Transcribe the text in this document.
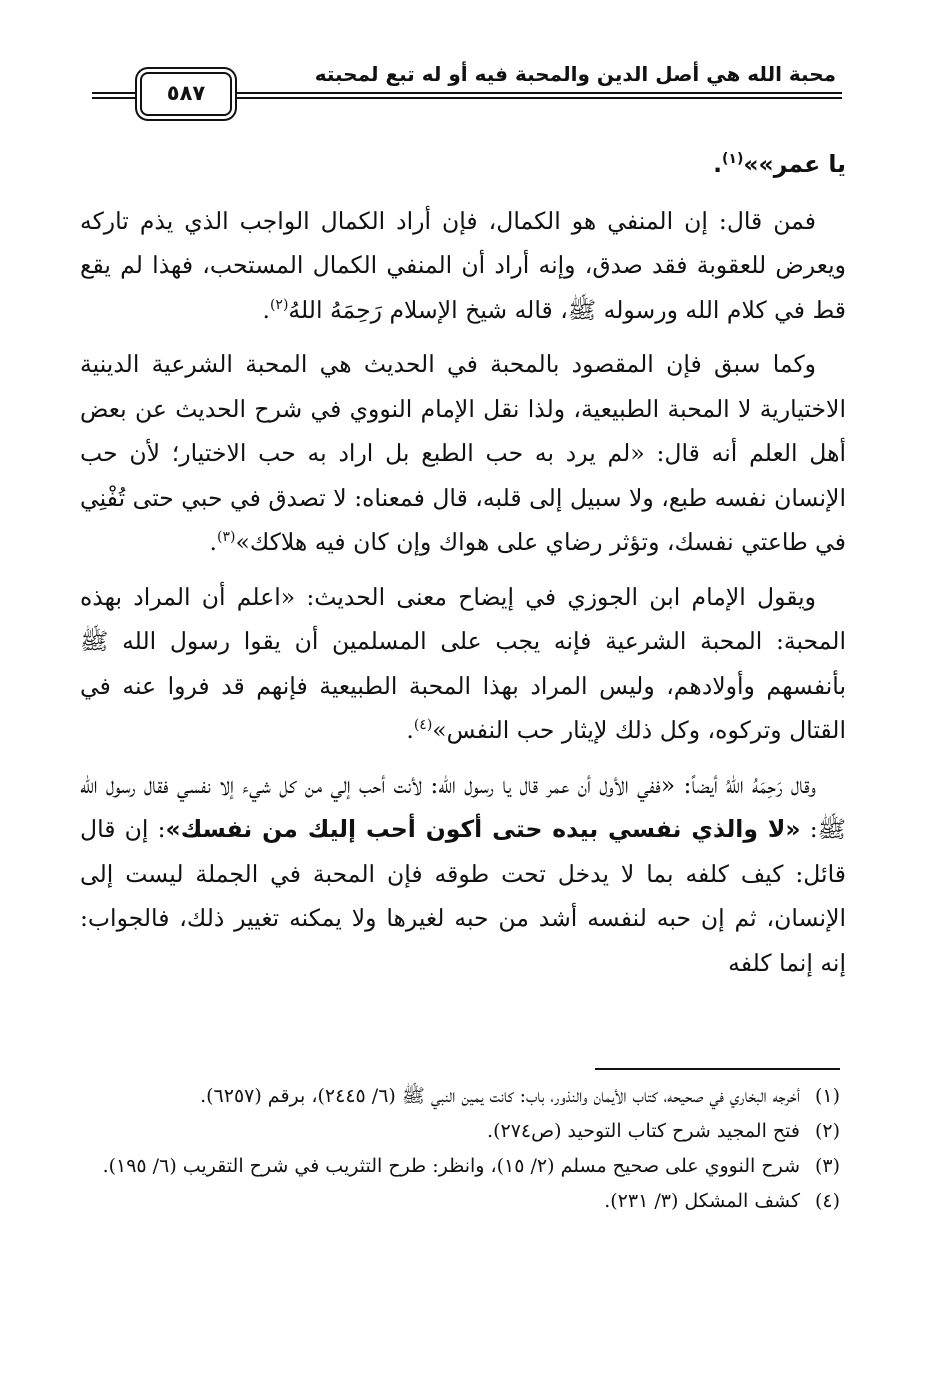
٥٨٧
محبة الله هي أصل الدين والمحبة فيه أو له تبع لمحبته

يا عمر»»$^{(١)}$.

فمن قال: إن المنفي هو الكمال، فإن أراد الكمال الواجب الذي يذم تاركه ويعرض للعقوبة فقد صدق، وإنه أراد أن المنفي الكمال المستحب، فهذا لم يقع قط في كلام الله ورسوله ﷺ، قاله شيخ الإسلام رَحِمَهُ اللهُ$^{(٢)}$.

وكما سبق فإن المقصود بالمحبة في الحديث هي المحبة الشرعية الدينية الاختيارية لا المحبة الطبيعية، ولذا نقل الإمام النووي في شرح الحديث عن بعض أهل العلم أنه قال: «لم يرد به حب الطبع بل اراد به حب الاختيار؛ لأن حب الإنسان نفسه طبع، ولا سبيل إلى قلبه، قال فمعناه: لا تصدق في حبي حتى تُفْنِي في طاعتي نفسك، وتؤثر رضاي على هواك وإن كان فيه هلاكك»$^{(٣)}$.

ويقول الإمام ابن الجوزي في إيضاح معنى الحديث: «اعلم أن المراد بهذه المحبة: المحبة الشرعية فإنه يجب على المسلمين أن يقوا رسول الله ﷺ بأنفسهم وأولادهم، وليس المراد بهذا المحبة الطبيعية فإنهم قد فروا عنه في القتال وتركوه، وكل ذلك لإيثار حب النفس»$^{(٤)}$.

وقال رَحِمَهُ اللهُ أيضاً: «ففي الأول أن عمر قال يا رسول الله: لأنت أحب إلي من كل شيء إلا نفسي فقال رسول الله ﷺ: «لا والذي نفسي بيده حتى أكون أحب إليك من نفسك»: إن قال قائل: كيف كلفه بما لا يدخل تحت طوقه فإن المحبة في الجملة ليست إلى الإنسان، ثم إن حبه لنفسه أشد من حبه لغيرها ولا يمكنه تغيير ذلك، فالجواب: إنه إنما كلفه

(١)
أخرجه البخاري في صحيحه، كتاب الأيمان والنذور، باب: كانت يمين النبي ﷺ (٦/ ٢٤٤٥)، برقم (٦٢٥٧).
(٢)
فتح المجيد شرح كتاب التوحيد (ص٢٧٤).
(٣)
شرح النووي على صحيح مسلم (٢/ ١٥)، وانظر: طرح التثريب في شرح التقريب (٦/ ١٩٥).
(٤)
كشف المشكل (٣/ ٢٣١).
